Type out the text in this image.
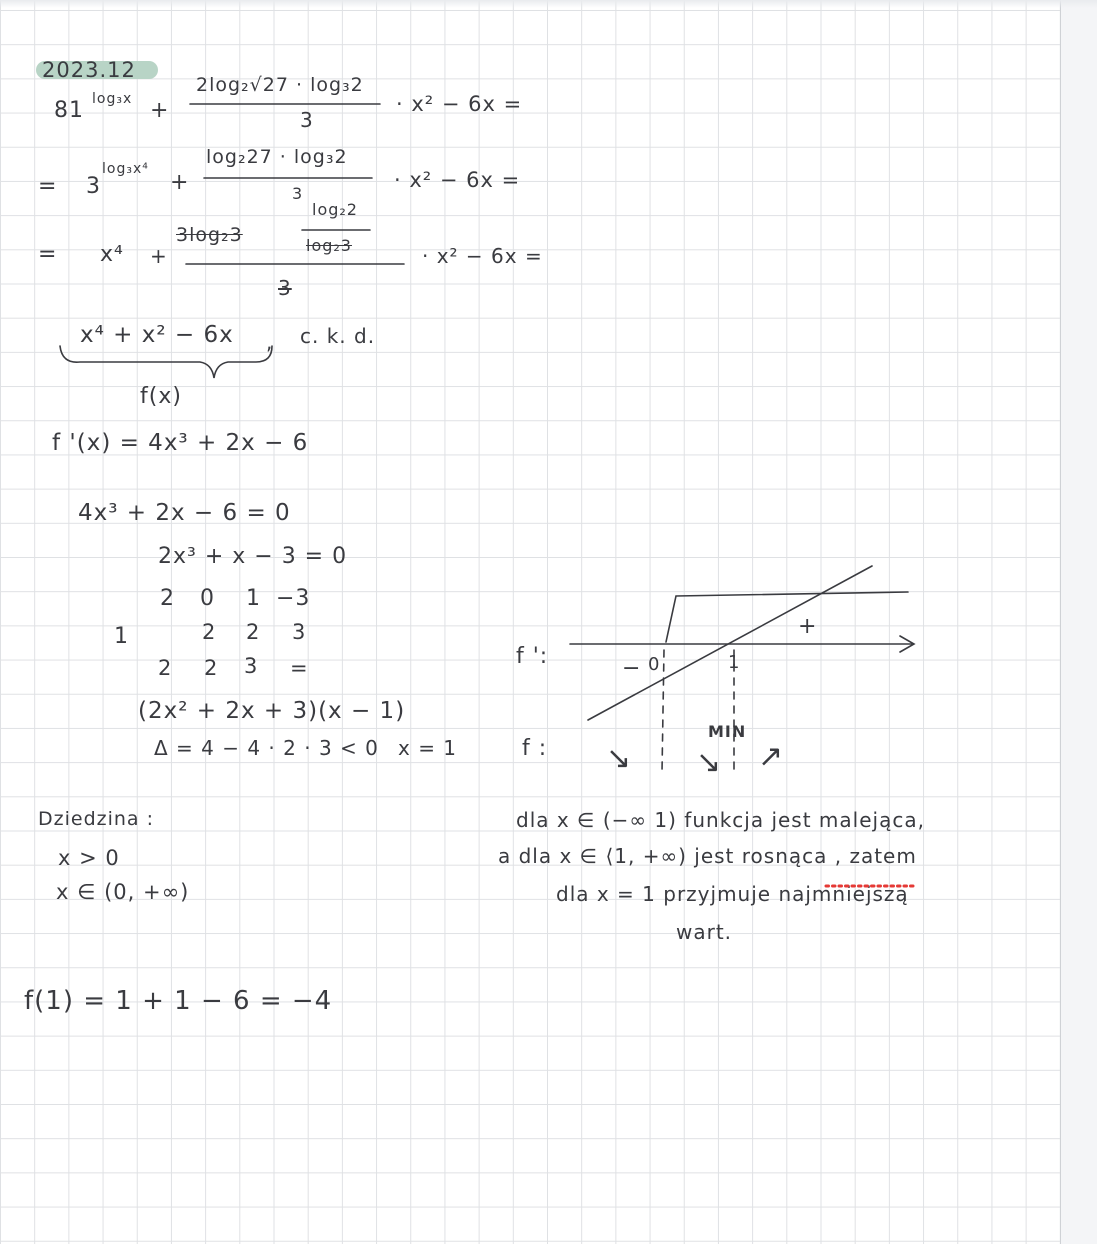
2023.12
81 log₃x +
2log₂√27 · log₃2
3
· x² − 6x =
= 3
log₃x⁴
+
log₂27 · log₃2
3
· x² − 6x =
= x⁴ +
3log₂3
log₂2
log₂3
3
· x² − 6x =
x⁴ + x² − 6x , c. k. d.
f(x)
f '(x) = 4x³ + 2x − 6
4x³ + 2x − 6 = 0
2x³ + x − 3 = 0
2 0 1 −3
1	2 2 3
2 2 3 =
(2x² + 2x + 3)(x − 1)
Δ = 4 − 4 · 2 · 3 < 0 x = 1
Dziedzina :
x > 0
x ∈ (0, +∞)
f(1) = 1 + 1 − 6 = −4
f ':
f :
−
+
0	1
MIN
↘ ↘ ↗
dla x ∈ (−∞ 1) funkcja jest malejąca,
a dla x ∈ ⟨1, +∞) jest rosnąca , zatem
dla x = 1 przyjmuje najmniejszą
wart.
